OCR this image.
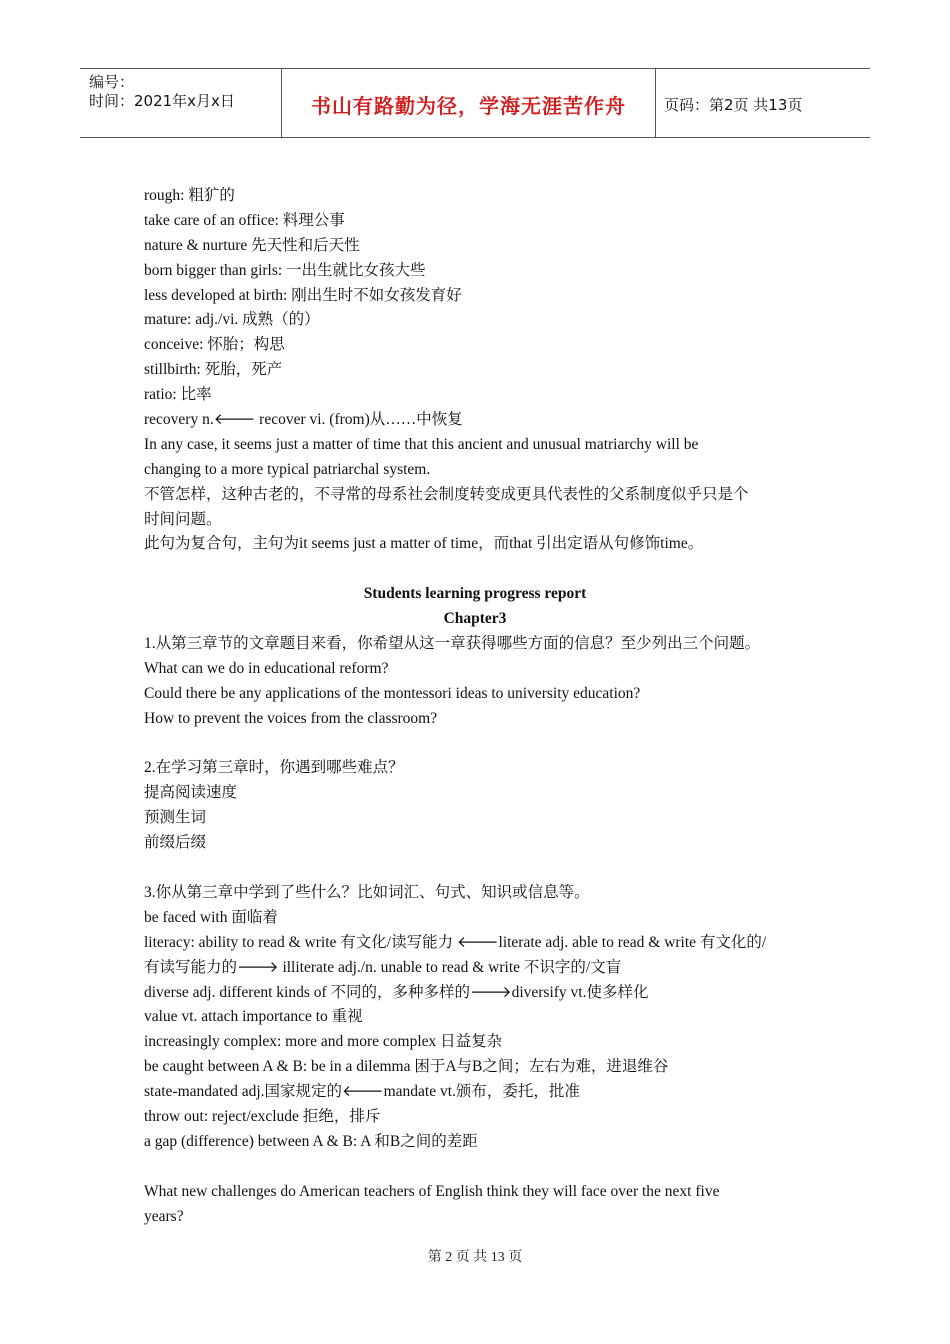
编号：
时间：2021年x月x日	书山有路勤为径，学海无涯苦作舟	页码：第2页 共13页
rough: 粗犷的
take care of an office: 料理公事
nature & nurture 先天性和后天性
born bigger than girls: 一出生就比女孩大些
less developed at birth: 刚出生时不如女孩发育好
mature: adj./vi. 成熟（的）
conceive: 怀胎；构思
stillbirth: 死胎，死产
ratio: 比率
recovery n.🡐 recover vi. (from)从……中恢复
In any case, it seems just a matter of time that this ancient and unusual matriarchy will be
changing to a more typical patriarchal system.
不管怎样，这种古老的，不寻常的母系社会制度转变成更具代表性的父系制度似乎只是个
时间问题。
此句为复合句，主句为it seems just a matter of time，而that 引出定语从句修饰time。
Students learning progress report
Chapter3
1.从第三章节的文章题目来看，你希望从这一章获得哪些方面的信息？至少列出三个问题。
What can we do in educational reform?
Could there be any applications of the montessori ideas to university education?
How to prevent the voices from the classroom?
2.在学习第三章时，你遇到哪些难点？
提高阅读速度
预测生词
前缀后缀
3.你从第三章中学到了些什么？比如词汇、句式、知识或信息等。
be faced with 面临着
literacy: ability to read & write 有文化/读写能力 🡐literate adj. able to read & write 有文化的/
有读写能力的🡒 illiterate adj./n. unable to read & write 不识字的/文盲
diverse adj. different kinds of 不同的，多种多样的🡒diversify vt.使多样化
value vt. attach importance to 重视
increasingly complex: more and more complex 日益复杂
be caught between A & B: be in a dilemma 困于A与B之间；左右为难，进退维谷
state-mandated adj.国家规定的🡐mandate vt.颁布，委托，批准
throw out: reject/exclude 拒绝，排斥
a gap (difference) between A & B: A 和B之间的差距
What new challenges do American teachers of English think they will face over the next five
years?
第 2 页 共 13 页
